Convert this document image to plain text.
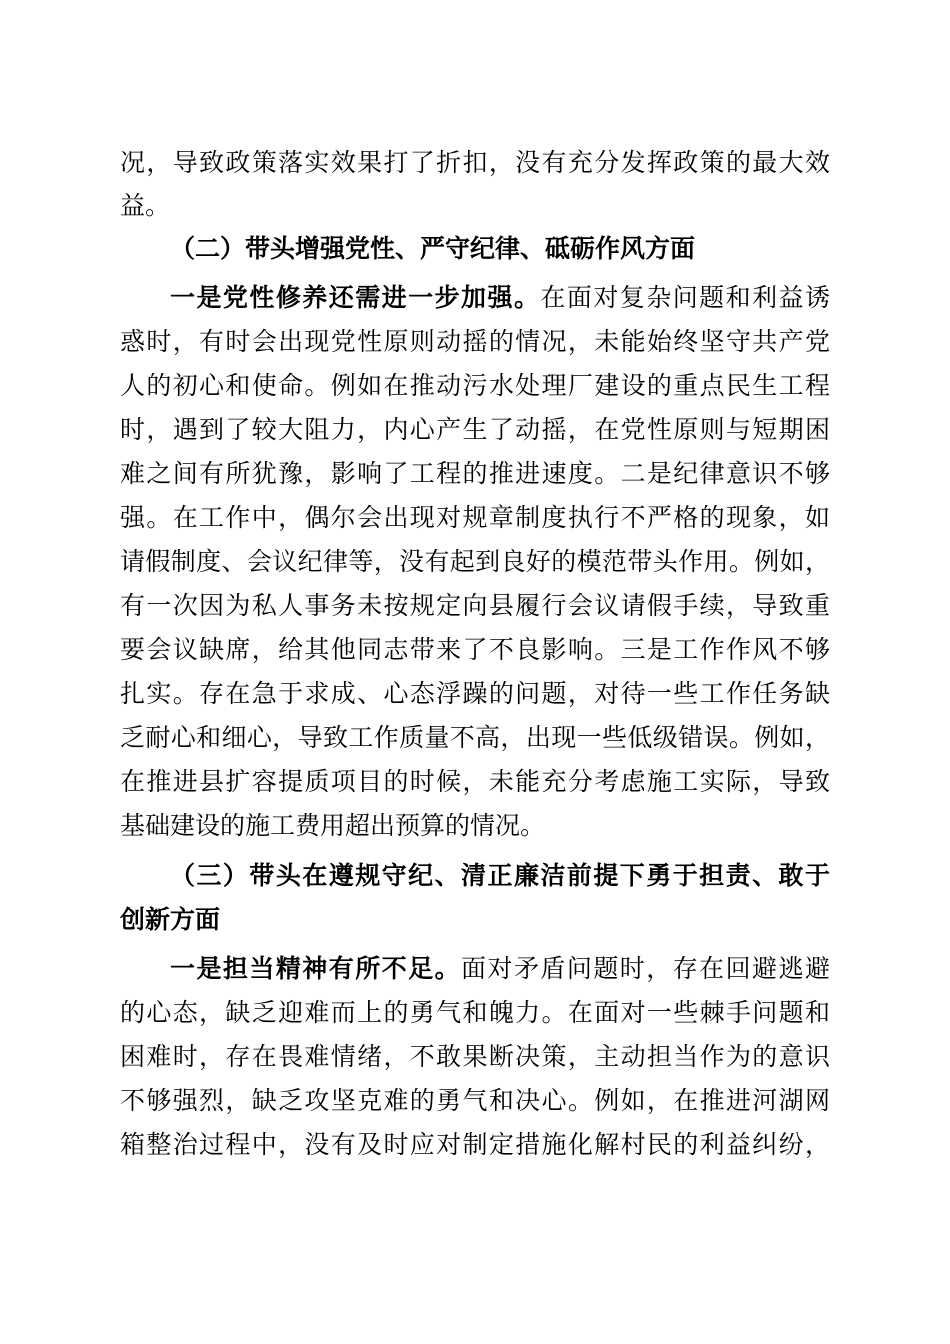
况，导致政策落实效果打了折扣，没有充分发挥政策的最大效
益。
（二）带头增强党性、严守纪律、砥砺作风方面
一是党性修养还需进一步加强。在面对复杂问题和利益诱
惑时，有时会出现党性原则动摇的情况，未能始终坚守共产党
人的初心和使命。例如在推动污水处理厂建设的重点民生工程
时，遇到了较大阻力，内心产生了动摇，在党性原则与短期困
难之间有所犹豫，影响了工程的推进速度。二是纪律意识不够
强。在工作中，偶尔会出现对规章制度执行不严格的现象，如
请假制度、会议纪律等，没有起到良好的模范带头作用。例如，
有一次因为私人事务未按规定向县履行会议请假手续，导致重
要会议缺席，给其他同志带来了不良影响。三是工作作风不够
扎实。存在急于求成、心态浮躁的问题，对待一些工作任务缺
乏耐心和细心，导致工作质量不高，出现一些低级错误。例如，
在推进县扩容提质项目的时候，未能充分考虑施工实际，导致
基础建设的施工费用超出预算的情况。
（三）带头在遵规守纪、清正廉洁前提下勇于担责、敢于
创新方面
一是担当精神有所不足。面对矛盾问题时，存在回避逃避
的心态，缺乏迎难而上的勇气和魄力。在面对一些棘手问题和
困难时，存在畏难情绪，不敢果断决策，主动担当作为的意识
不够强烈，缺乏攻坚克难的勇气和决心。例如，在推进河湖网
箱整治过程中，没有及时应对制定措施化解村民的利益纠纷，
